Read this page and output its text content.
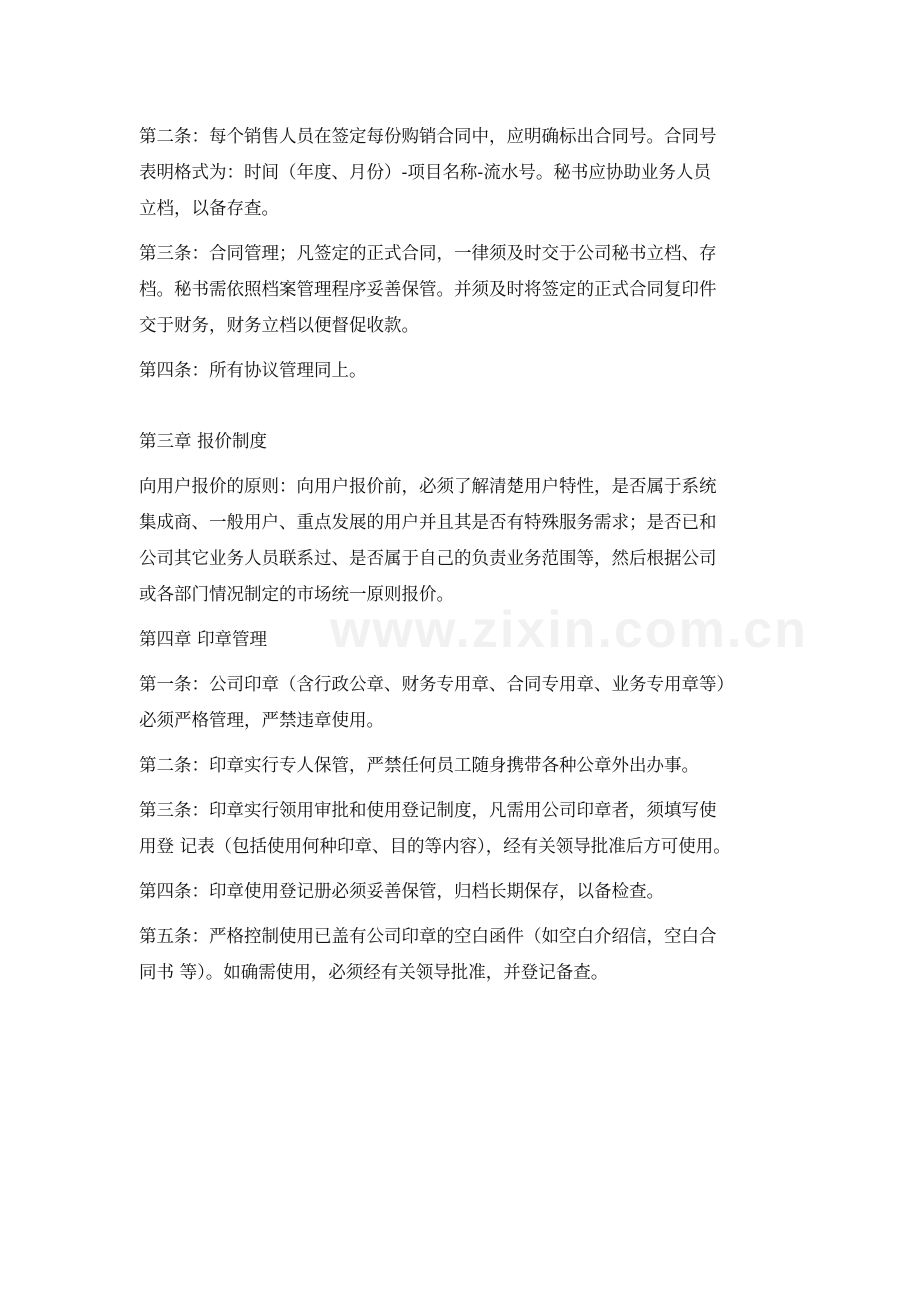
www.zixin.com.cn

第二条：每个销售人员在签定每份购销合同中，应明确标出合同号。合同号
表明格式为：时间（年度、月份）-项目名称-流水号。秘书应协助业务人员
立档，以备存查。

第三条：合同管理；凡签定的正式合同，一律须及时交于公司秘书立档、存
档。秘书需依照档案管理程序妥善保管。并须及时将签定的正式合同复印件
交于财务，财务立档以便督促收款。

第四条：所有协议管理同上。

第三章 报价制度

向用户报价的原则：向用户报价前，必须了解清楚用户特性，是否属于系统
集成商、一般用户、重点发展的用户并且其是否有特殊服务需求；是否已和
公司其它业务人员联系过、是否属于自己的负责业务范围等，然后根据公司
或各部门情况制定的市场统一原则报价。

第四章 印章管理

第一条：公司印章（含行政公章、财务专用章、合同专用章、业务专用章等）
必须严格管理，严禁违章使用。

第二条：印章实行专人保管，严禁任何员工随身携带各种公章外出办事。

第三条：印章实行领用审批和使用登记制度，凡需用公司印章者，须填写使
用登 记表（包括使用何种印章、目的等内容），经有关领导批准后方可使用。

第四条：印章使用登记册必须妥善保管，归档长期保存，以备检查。

第五条：严格控制使用已盖有公司印章的空白函件（如空白介绍信，空白合
同书 等）。如确需使用，必须经有关领导批准，并登记备查。
